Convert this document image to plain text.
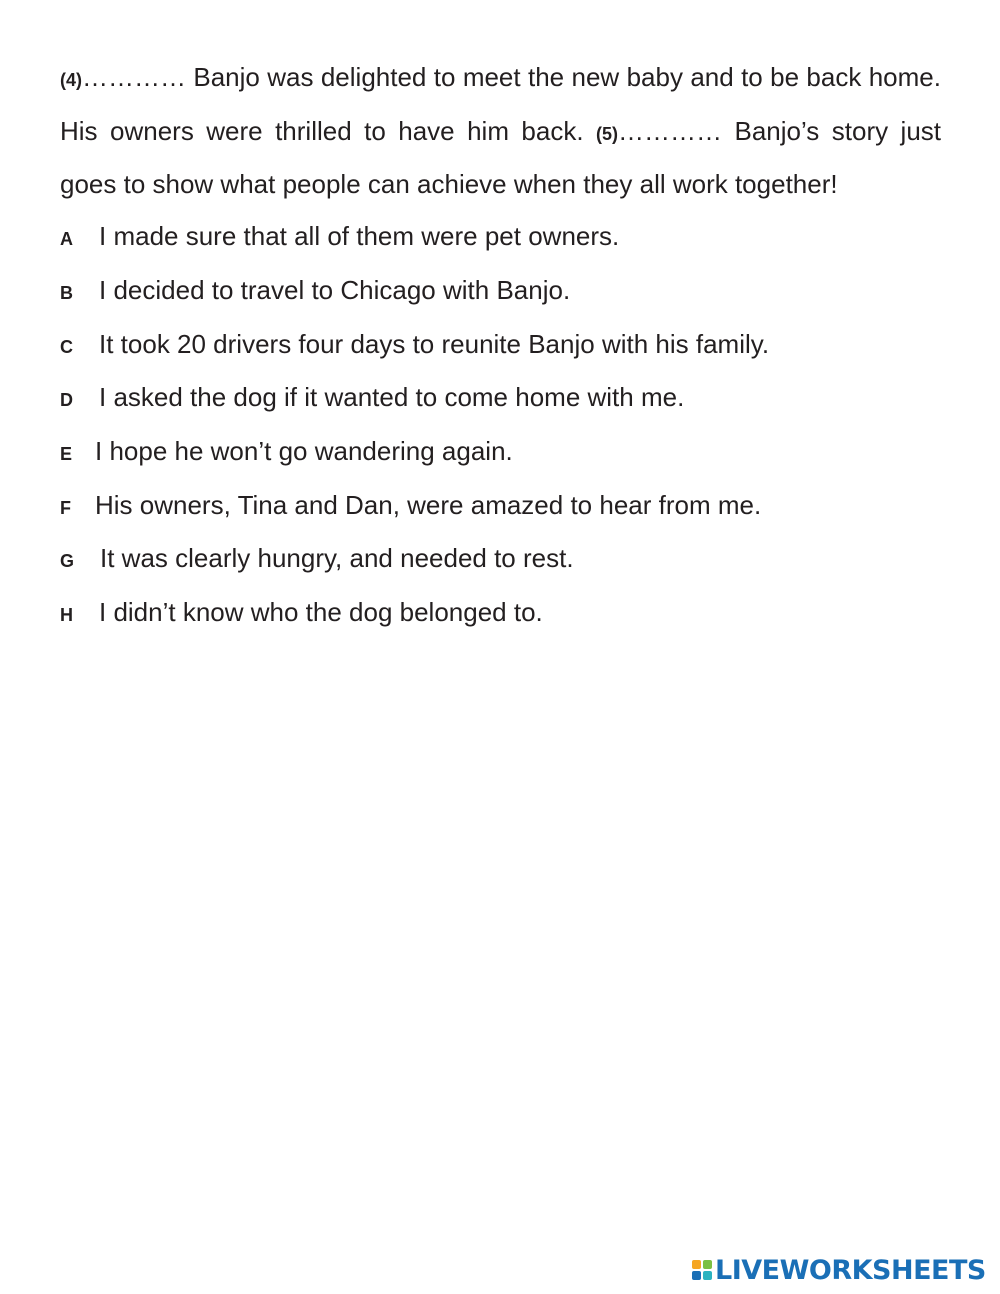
(4)………… Banjo was delighted to meet the new baby and to be back home. His owners were thrilled to have him back. (5)………… Banjo’s story just goes to show what people can achieve when they all work together!

A I made sure that all of them were pet owners.
B I decided to travel to Chicago with Banjo.
C It took 20 drivers four days to reunite Banjo with his family.
D I asked the dog if it wanted to come home with me.
E I hope he won’t go wandering again.
F His owners, Tina and Dan, were amazed to hear from me.
G It was clearly hungry, and needed to rest.
H I didn’t know who the dog belonged to.
LIVEWORKSHEETS
